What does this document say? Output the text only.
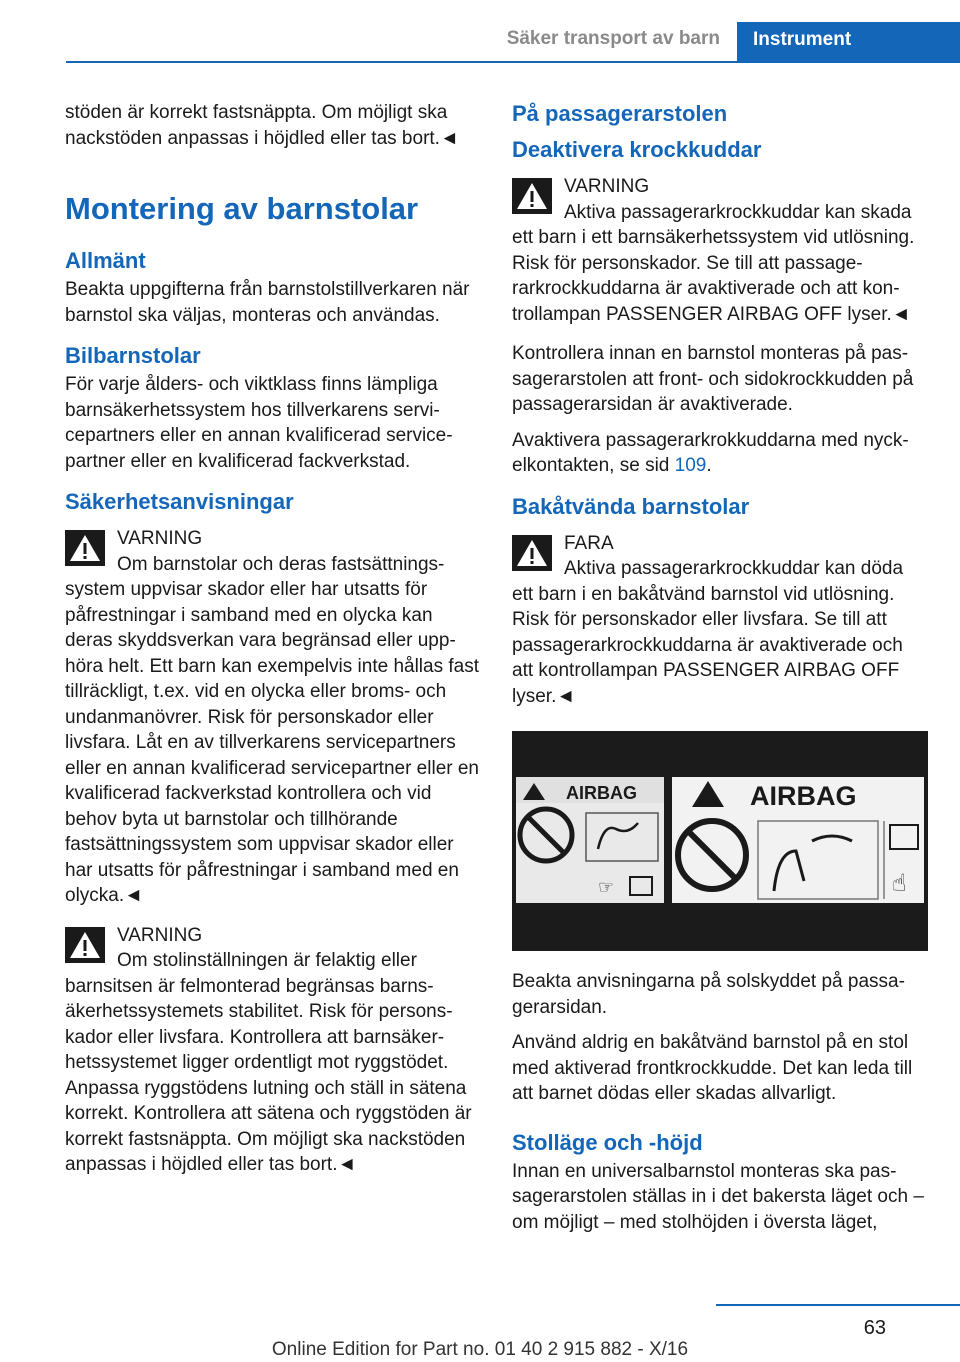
Säker transport av barn	Instrument

stöden är korrekt fastsnäppta. Om möjligt ska nackstöden anpassas i höjdled eller tas bort.◄

Montering av barnstolar
Allmänt

Beakta uppgifterna från barnstolstillverkaren när barnstol ska väljas, monteras och användas.

Bilbarnstolar

För varje ålders- och viktklass finns lämpliga barnsäkerhetssystem hos tillverkarens servicepartners eller en annan kvalificerad servicepartner eller en kvalificerad fackverkstad.

Säkerhetsanvisningar
VARNING
Om barnstolar och deras fastsättningssystem uppvisar skador eller har utsatts för påfrestningar i samband med en olycka kan deras skyddsverkan vara begränsad eller upphöra helt. Ett barn kan exempelvis inte hållas fast tillräckligt, t.ex. vid en olycka eller broms- och undanmanövrer. Risk för personskador eller livsfara. Låt en av tillverkarens servicepartners eller en annan kvalificerad servicepartner eller en kvalificerad fackverkstad kontrollera och vid behov byta ut barnstolar och tillhörande fastsättningssystem som uppvisar skador eller har utsatts för påfrestningar i samband med en olycka.◄
VARNING
Om stolinställningen är felaktig eller barnsitsen är felmonterad begränsas barnsäkerhetssystemets stabilitet. Risk för personskador eller livsfara. Kontrollera att barnsäkerhetssystemet ligger ordentligt mot ryggstödet. Anpassa ryggstödens lutning och ställ in sätena korrekt. Kontrollera att sätena och ryggstöden är korrekt fastsnäppta. Om möjligt ska nackstöden anpassas i höjdled eller tas bort.◄
På passagerarstolen
Deaktivera krockkuddar
VARNING
Aktiva passagerarkrockkuddar kan skada ett barn i ett barnsäkerhetssystem vid utlösning. Risk för personskador. Se till att passagerarkrockkuddarna är avaktiverade och att kontrollampan PASSENGER AIRBAG OFF lyser.◄

Kontrollera innan en barnstol monteras på passagerarstolen att front- och sidokrockkudden på passagerarsidan är avaktiverade.

Avaktivera passagerarkrokkuddarna med nyckelkontakten, se sid 109.

Bakåtvända barnstolar
FARA
Aktiva passagerarkrockkuddar kan döda ett barn i en bakåtvänd barnstol vid utlösning. Risk för personskador eller livsfara. Se till att passagerarkrockkuddarna är avaktiverade och att kontrollampan PASSENGER AIRBAG OFF lyser.◄
AIRBAG
☞
AIRBAG
☝

Beakta anvisningarna på solskyddet på passagerarsidan.

Använd aldrig en bakåtvänd barnstol på en stol med aktiverad frontkrockkudde. Det kan leda till att barnet dödas eller skadas allvarligt.

Stolläge och -höjd

Innan en universalbarnstol monteras ska passagerarstolen ställas in i det bakersta läget och – om möjligt – med stolhöjden i översta läget,

63
Online Edition for Part no. 01 40 2 915 882 - X/16
